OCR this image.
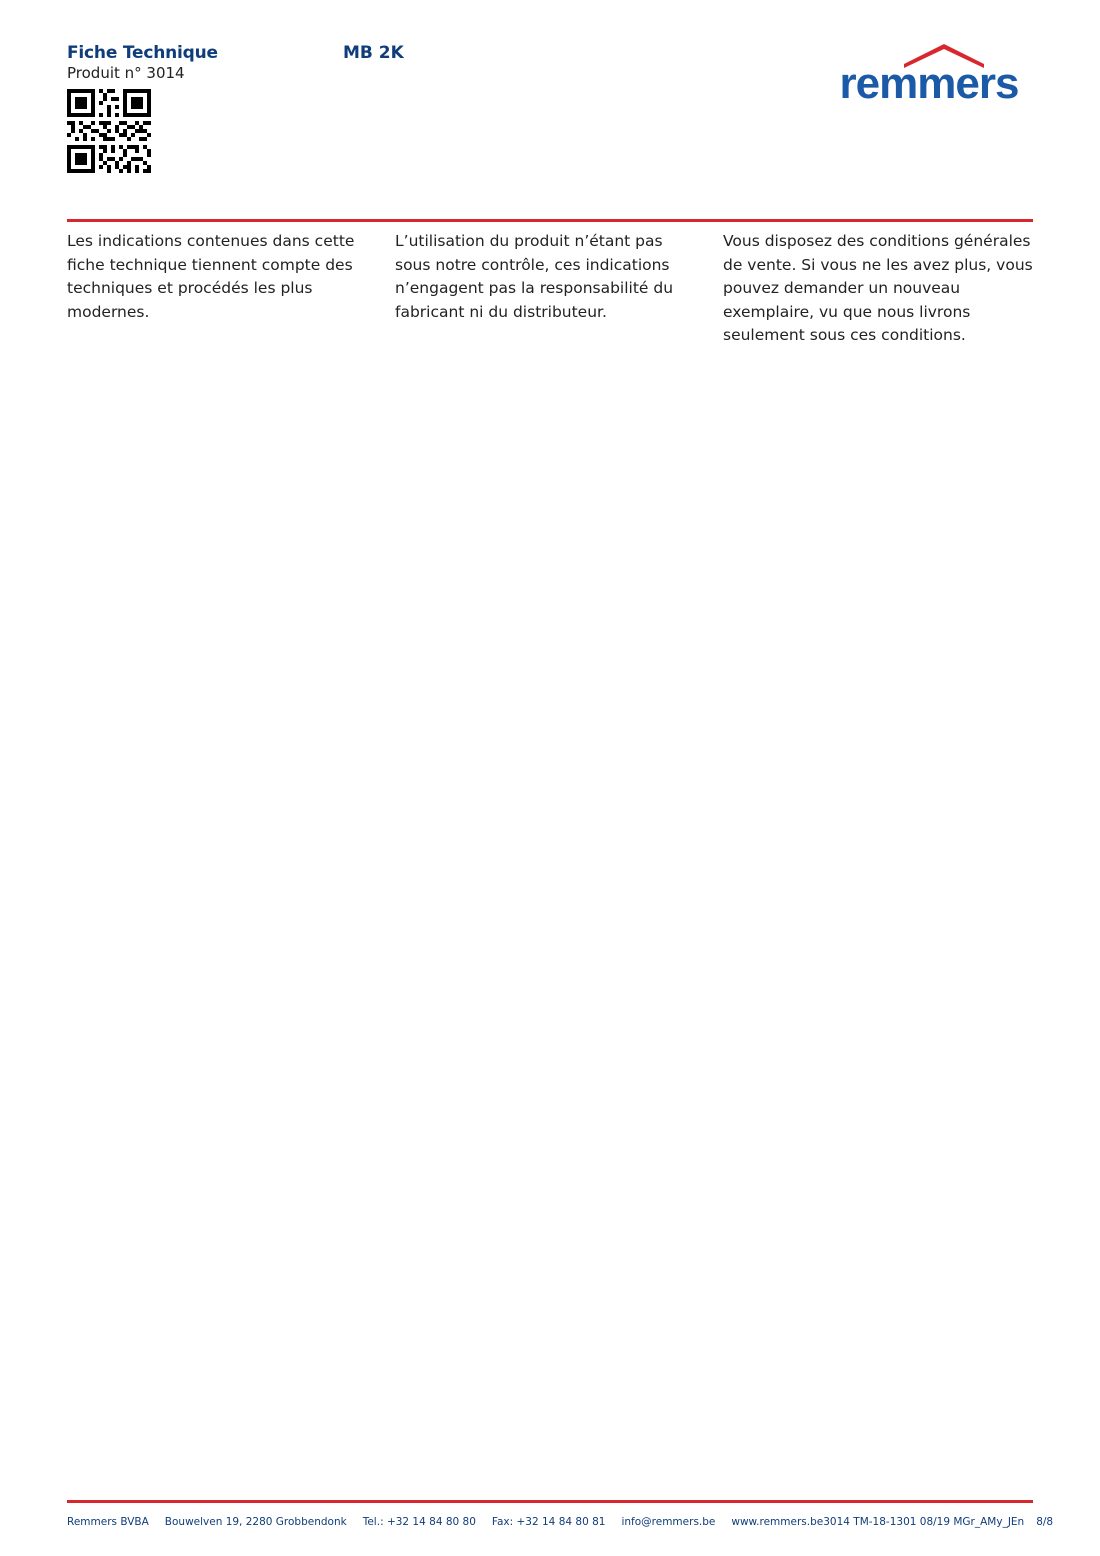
Fiche Technique	MB 2K
Produit n° 3014	remmers
Les indications contenues dans cette fiche technique tiennent compte des techniques et procédés les plus modernes.
L’utilisation du produit n’étant pas sous notre contrôle, ces indications n’engagent pas la responsabilité du fabricant ni du distributeur.
Vous disposez des conditions générales de vente. Si vous ne les avez plus, vous pouvez demander un nouveau exemplaire, vu que nous livrons seulement sous ces conditions.
Remmers BVBA Bouwelven 19, 2280 Grobbendonk Tel.: +32 14 84 80 80 Fax: +32 14 84 80 81 info@remmers.be www.remmers.be 3014 TM-18-1301 08/19 MGr_AMy_JEn 8/8
